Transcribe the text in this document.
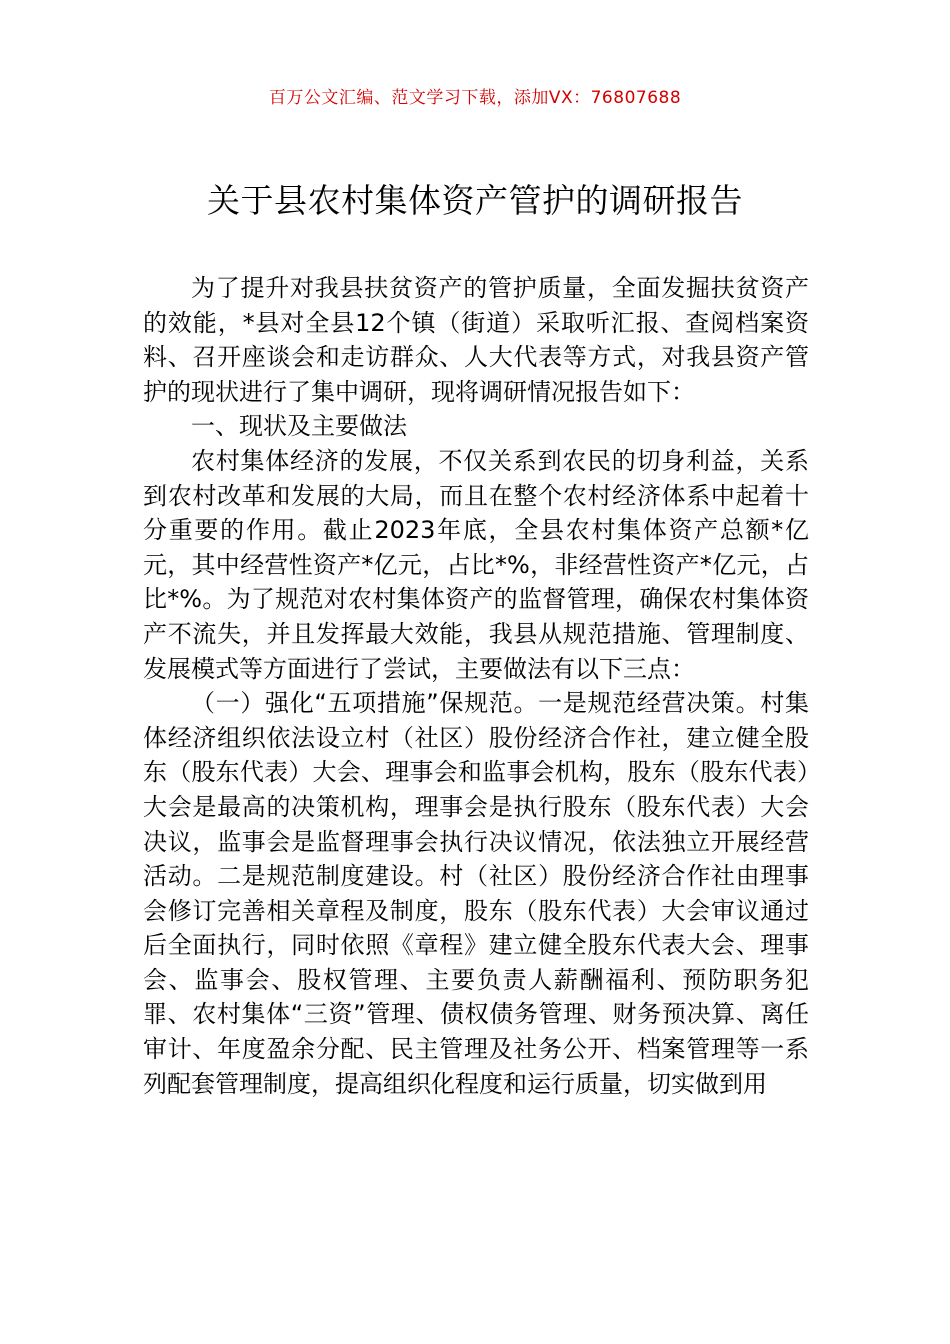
百万公文汇编、范文学习下载，添加VX：76807688
关于县农村集体资产管护的调研报告

为了提升对我县扶贫资产的管护质量，全面发掘扶贫资产的效能，*县对全县12个镇（街道）采取听汇报、查阅档案资料、召开座谈会和走访群众、人大代表等方式，对我县资产管护的现状进行了集中调研，现将调研情况报告如下：

一、现状及主要做法

农村集体经济的发展，不仅关系到农民的切身利益，关系到农村改革和发展的大局，而且在整个农村经济体系中起着十分重要的作用。截止2023年底，全县农村集体资产总额*亿元，其中经营性资产*亿元，占比*%，非经营性资产*亿元，占比*%。为了规范对农村集体资产的监督管理，确保农村集体资产不流失，并且发挥最大效能，我县从规范措施、管理制度、发展模式等方面进行了尝试，主要做法有以下三点：

（一）强化“五项措施”保规范。一是规范经营决策。村集体经济组织依法设立村（社区）股份经济合作社，建立健全股东（股东代表）大会、理事会和监事会机构，股东（股东代表）大会是最高的决策机构，理事会是执行股东（股东代表）大会决议，监事会是监督理事会执行决议情况，依法独立开展经营活动。二是规范制度建设。村（社区）股份经济合作社由理事会修订完善相关章程及制度，股东（股东代表）大会审议通过后全面执行，同时依照《章程》建立健全股东代表大会、理事会、监事会、股权管理、主要负责人薪酬福利、预防职务犯罪、农村集体“三资”管理、债权债务管理、财务预决算、离任审计、年度盈余分配、民主管理及社务公开、档案管理等一系列配套管理制度，提高组织化程度和运行质量，切实做到用
